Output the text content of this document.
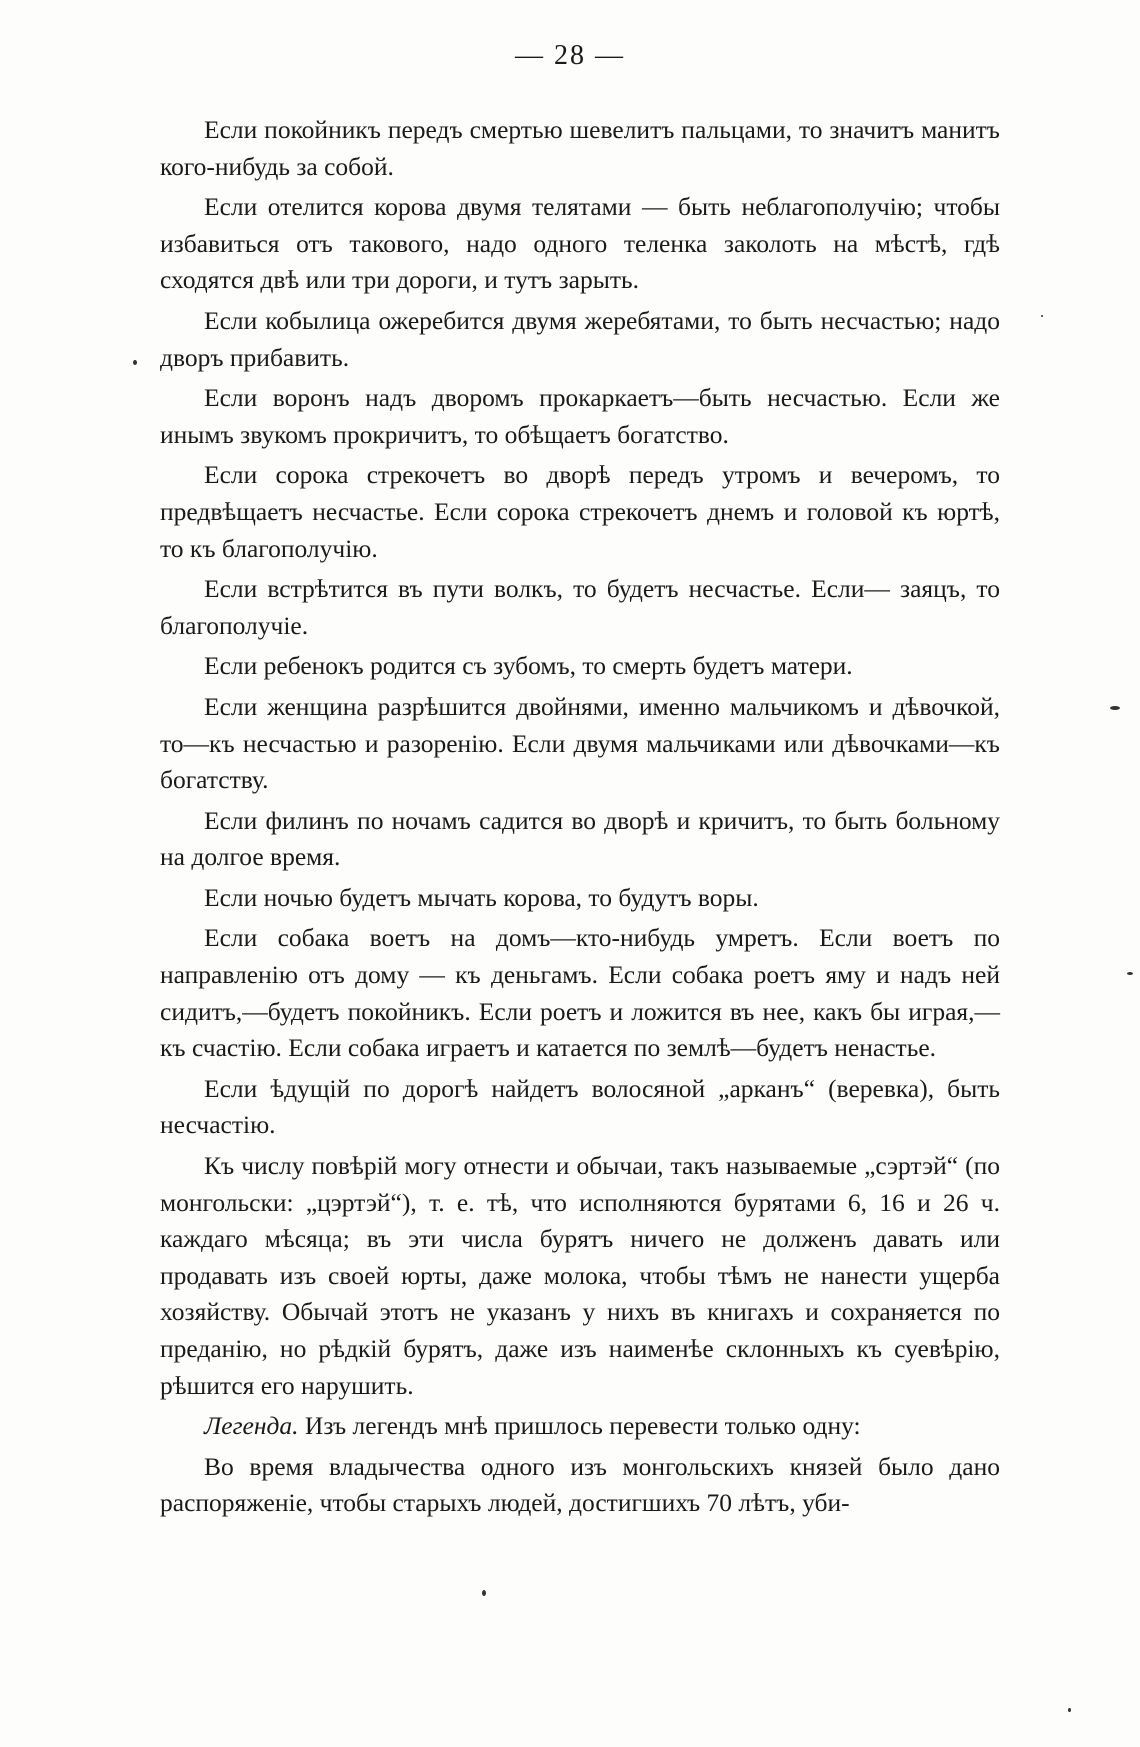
— 28 —

Если покойникъ передъ смертью шевелитъ пальцами, то значитъ манитъ кого-нибудь за собой.

Если отелится корова двумя телятами — быть неблагополучію; чтобы избавиться отъ такового, надо одного теленка заколоть на мѣстѣ, гдѣ сходятся двѣ или три дороги, и тутъ зарыть.

Если кобылица ожеребится двумя жеребятами, то быть несчастью; надо дворъ прибавить.

Если воронъ надъ дворомъ прокаркаетъ—быть несчастью. Если же инымъ звукомъ прокричитъ, то обѣщаетъ богатство.

Если сорока стрекочетъ во дворѣ передъ утромъ и вечеромъ, то предвѣщаетъ несчастье. Если сорока стрекочетъ днемъ и головой къ юртѣ, то къ благополучію.

Если встрѣтится въ пути волкъ, то будетъ несчастье. Если— заяцъ, то благополучіе.

Если ребенокъ родится съ зубомъ, то смерть будетъ матери.

Если женщина разрѣшится двойнями, именно мальчикомъ и дѣвочкой, то—къ несчастью и разоренію. Если двумя мальчиками или дѣвочками—къ богатству.

Если филинъ по ночамъ садится во дворѣ и кричитъ, то быть больному на долгое время.

Если ночью будетъ мычать корова, то будутъ воры.

Если собака воетъ на домъ—кто-нибудь умретъ. Если воетъ по направленію отъ дому — къ деньгамъ. Если собака роетъ яму и надъ ней сидитъ,—будетъ покойникъ. Если роетъ и ложится въ нее, какъ бы играя,—къ счастію. Если собака играетъ и катается по землѣ—будетъ ненастье.

Если ѣдущій по дорогѣ найдетъ волосяной „арканъ“ (веревка), быть несчастію.

Къ числу повѣрій могу отнести и обычаи, такъ называемые „сэртэй“ (по монгольски: „цэртэй“), т. е. тѣ, что исполняются бурятами 6, 16 и 26 ч. каждаго мѣсяца; въ эти числа бурятъ ничего не долженъ давать или продавать изъ своей юрты, даже молока, чтобы тѣмъ не нанести ущерба хозяйству. Обычай этотъ не указанъ у нихъ въ книгахъ и сохраняется по преданію, но рѣдкій бурятъ, даже изъ наименѣе склонныхъ къ суевѣрію, рѣшится его нарушить.

Легенда. Изъ легендъ мнѣ пришлось перевести только одну:

Во время владычества одного изъ монгольскихъ князей было дано распоряженіе, чтобы старыхъ людей, достигшихъ 70 лѣтъ, уби-
